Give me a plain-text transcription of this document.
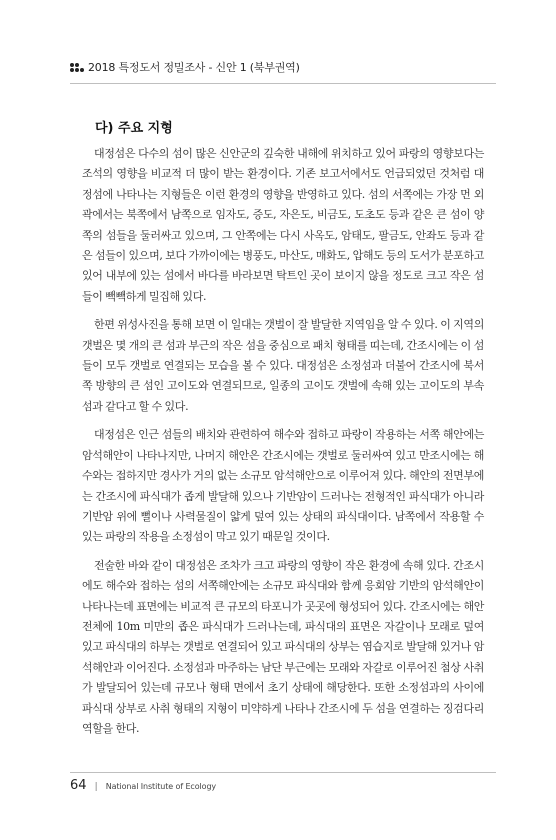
2018 특정도서 정밀조사 - 신안 1 (북부권역)
다) 주요 지형

대정섬은 다수의 섬이 많은 신안군의 깊숙한 내해에 위치하고 있어 파랑의 영향보다는 조석의 영향을 비교적 더 많이 받는 환경이다. 기존 보고서에서도 언급되었던 것처럼 대정섬에 나타나는 지형들은 이런 환경의 영향을 반영하고 있다. 섬의 서쪽에는 가장 먼 외곽에서는 북쪽에서 남쪽으로 임자도, 증도, 자은도, 비금도, 도초도 등과 같은 큰 섬이 양쪽의 섬들을 둘러싸고 있으며, 그 안쪽에는 다시 사옥도, 암태도, 팔금도, 안좌도 등과 같은 섬들이 있으며, 보다 가까이에는 병풍도, 마산도, 매화도, 압해도 등의 도서가 분포하고 있어 내부에 있는 섬에서 바다를 바라보면 탁트인 곳이 보이지 않을 정도로 크고 작은 섬들이 빽빽하게 밀집해 있다.

한편 위성사진을 통해 보면 이 일대는 갯벌이 잘 발달한 지역임을 알 수 있다. 이 지역의 갯벌은 몇 개의 큰 섬과 부근의 작은 섬을 중심으로 패치 형태를 띠는데, 간조시에는 이 섬들이 모두 갯벌로 연결되는 모습을 볼 수 있다. 대정섬은 소정섬과 더불어 간조시에 북서쪽 방향의 큰 섬인 고이도와 연결되므로, 일종의 고이도 갯벌에 속해 있는 고이도의 부속섬과 같다고 할 수 있다.

대정섬은 인근 섬들의 배치와 관련하여 해수와 접하고 파랑이 작용하는 서쪽 해안에는 암석해안이 나타나지만, 나머지 해안은 간조시에는 갯벌로 둘러싸여 있고 만조시에는 해수와는 접하지만 경사가 거의 없는 소규모 암석해안으로 이루어져 있다. 해안의 전면부에는 간조시에 파식대가 좁게 발달해 있으나 기반암이 드러나는 전형적인 파식대가 아니라 기반암 위에 뻘이나 사력물질이 얇게 덮여 있는 상태의 파식대이다. 남쪽에서 작용할 수 있는 파랑의 작용을 소정섬이 막고 있기 때문일 것이다.

전술한 바와 같이 대정섬은 조차가 크고 파랑의 영향이 작은 환경에 속해 있다. 간조시에도 해수와 접하는 섬의 서쪽해안에는 소규모 파식대와 함께 응회암 기반의 암석해안이 나타나는데 표면에는 비교적 큰 규모의 타포니가 곳곳에 형성되어 있다. 간조시에는 해안 전체에 10m 미만의 좁은 파식대가 드러나는데, 파식대의 표면은 자갈이나 모래로 덮여 있고 파식대의 하부는 갯벌로 연결되어 있고 파식대의 상부는 염습지로 발달해 있거나 암석해안과 이어진다. 소정섬과 마주하는 남단 부근에는 모래와 자갈로 이루어진 첨상 사취가 발달되어 있는데 규모나 형태 면에서 초기 상태에 해당한다. 또한 소정섬과의 사이에 파식대 상부로 사취 형태의 지형이 미약하게 나타나 간조시에 두 섬을 연결하는 징검다리 역할을 한다.

64 | National Institute of Ecology
